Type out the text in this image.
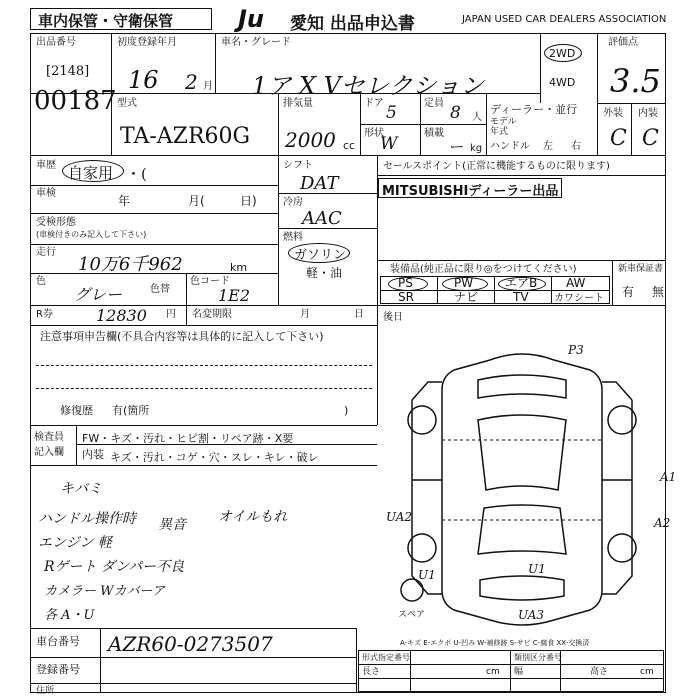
車内保管・守衛保管	Ju 愛知 出品申込書	JAPAN USED CAR DEALERS ASSOCIATION
出品番号
[2148]
00187
初度登録年月
16 2 月
車名・グレード
1ア X Vセレクション
2WD
4WD
評価点
3.5
外装 内装
C C
型式
TA-AZR60G
排気量
2000 cc
ドア 5	定員 8 人
形状
W
積載
ー kg
ディーラー・並行
モデル
年式
ハンドル 左 右
車歴 自家用 ・(
車検
年	月(	日)
受検形態
(車検付きのみ記入して下さい)
走行
10万6千962	km
色
グレー	色替
色コード
1E2
シフト
DAT
冷房
AAC
燃料
ガソリン
軽・油
セールスポイント(正常に機能するものに限ります)
MITSUBISHIディーラー出品
装備品(純正品に限り◎をつけてください)
PS	PW	エアB AW
SR	ナビ	TV	カワシート
新車保証書
有 無
R券	12830 円 名変期限	月	日 後日
注意事項申告欄(不具合内容等は具体的に記入して下さい)
修復歴 有(箇所	)
検査員
記入欄
FW・キズ・汚れ・ヒビ割・リペア跡・X要
内装 キズ・汚れ・コゲ・穴・スレ・キレ・破レ
キバミ
ハンドル操作時 異音 オイルもれ
エンジン 軽
Rゲート ダンパー不良
カメラー Wカバーア
各 A・U
P3
A1
UA2	A2
U1	U1
UA3
スペア
A-キズ E-エクボ U-凹み W-補修跡 S-サビ C-腐食 XX-交換済
車台番号 AZR60-0273507
登録番号
住所
形式指定番号	類別区分番号
長さ	cm 幅	高さ	cm
